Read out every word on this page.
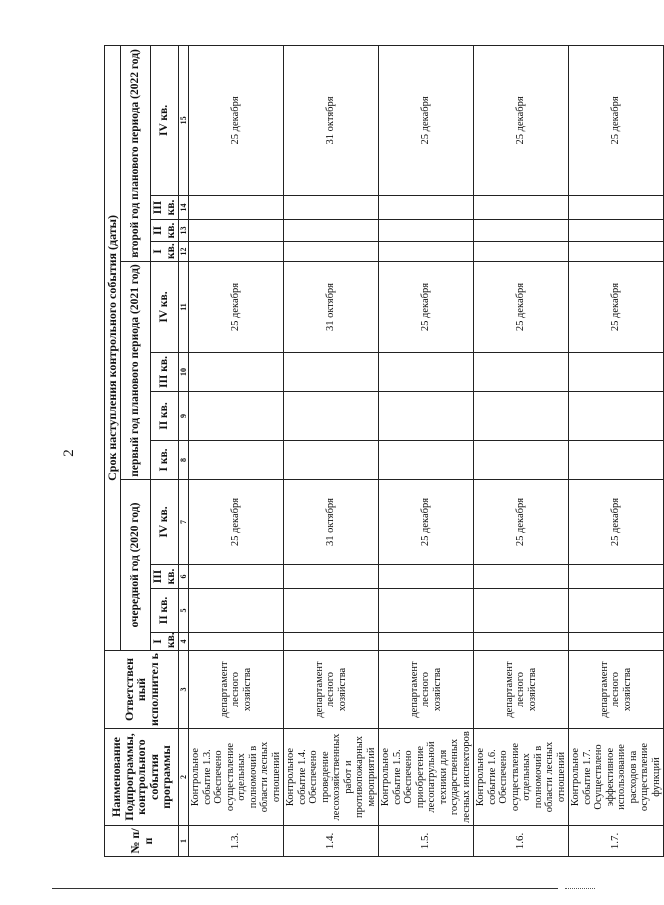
2
№ п/п	Наименование Подпрограммы, контрольного события программы	Ответствен ный исполнител ь	Срок наступления контрольного события (даты)											
			очередной год (2020 год)				первый год планового периода (2021 год)				второй год планового периода (2022 год)			
			I кв.	II кв.	III кв.	IV кв.	I кв.	II кв.	III кв.	IV кв.	I кв.	II кв.	III кв.	IV кв.
1	2	3	4	5	6	7	8	9	10	11	12	13	14	15
1.3.	Контрольное событие 1.3. Обеспечено осуществление отдельных полномочий в области лесных отношений	департамент лесного хозяйства				25 декабря				25 декабря				25 декабря
1.4.	Контрольное событие 1.4. Обеспечено проведение лесохозяйственных работ и противопожарных мероприятий	департамент лесного хозяйства				31 октября				31 октября				31 октября
1.5.	Контрольное событие 1.5. Обеспечено приобретение лесопатрульной техники для государственных лесных инспекторов	департамент лесного хозяйства				25 декабря				25 декабря				25 декабря
1.6.	Контрольное событие 1.6. Обеспечено осуществление отдельных полномочий в области лесных отношений	департамент лесного хозяйства				25 декабря				25 декабря				25 декабря
1.7.	Контрольное событие 1.7. Осуществлено эффективное использование расходов на осуществление функций	департамент лесного хозяйства				25 декабря				25 декабря				25 декабря
